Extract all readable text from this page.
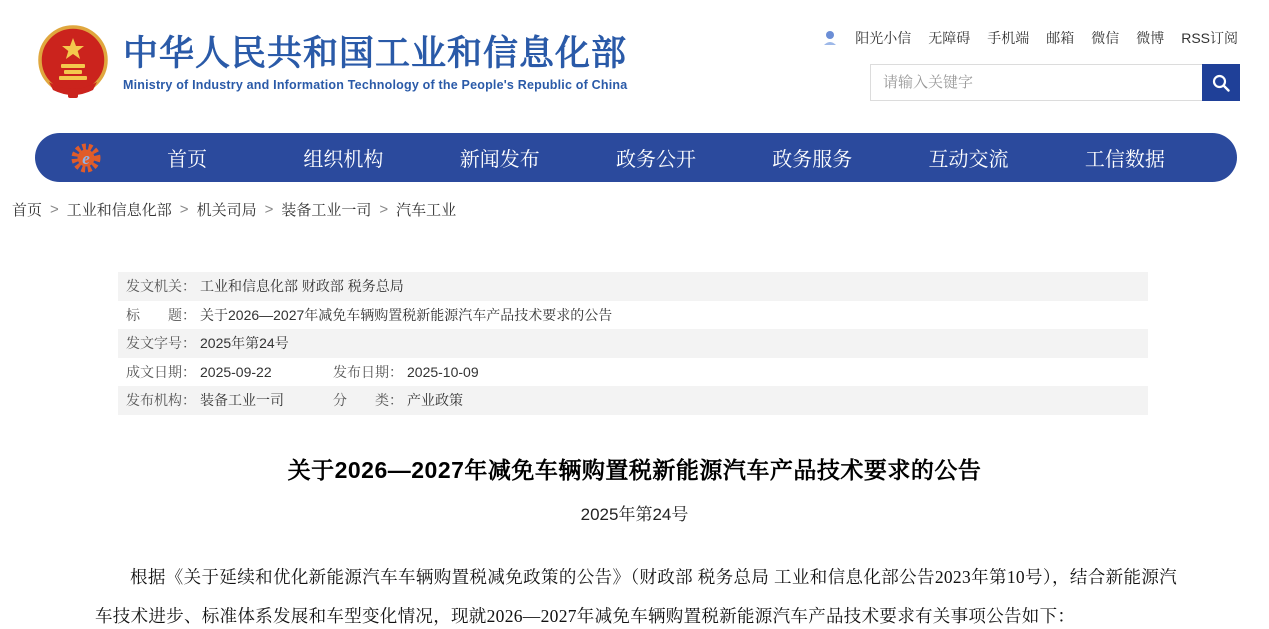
中华人民共和国工业和信息化部
Ministry of Industry and Information Technology of the People's Republic of China
阳光小信 无障碍 手机端 邮箱 微信 微博 RSS订阅
请输入关键字
e	首页	组织机构	新闻发布	政务公开	政务服务	互动交流	工信数据
首页 > 工业和信息化部 > 机关司局 > 装备工业一司 > 汽车工业
发文机关： 工业和信息化部 财政部 税务总局
标　　题： 关于2026—2027年减免车辆购置税新能源汽车产品技术要求的公告
发文字号： 2025年第24号
成文日期： 2025-09-22	发布日期： 2025-10-09
发布机构： 装备工业一司	分　　类： 产业政策
关于2026—2027年减免车辆购置税新能源汽车产品技术要求的公告
2025年第24号
根据《关于延续和优化新能源汽车车辆购置税减免政策的公告》（财政部 税务总局 工业和信息化部公告2023年第10号），结合新能源汽车技术进步、标准体系发展和车型变化情况，现就2026—2027年减免车辆购置税新能源汽车产品技术要求有关事项公告如下：
